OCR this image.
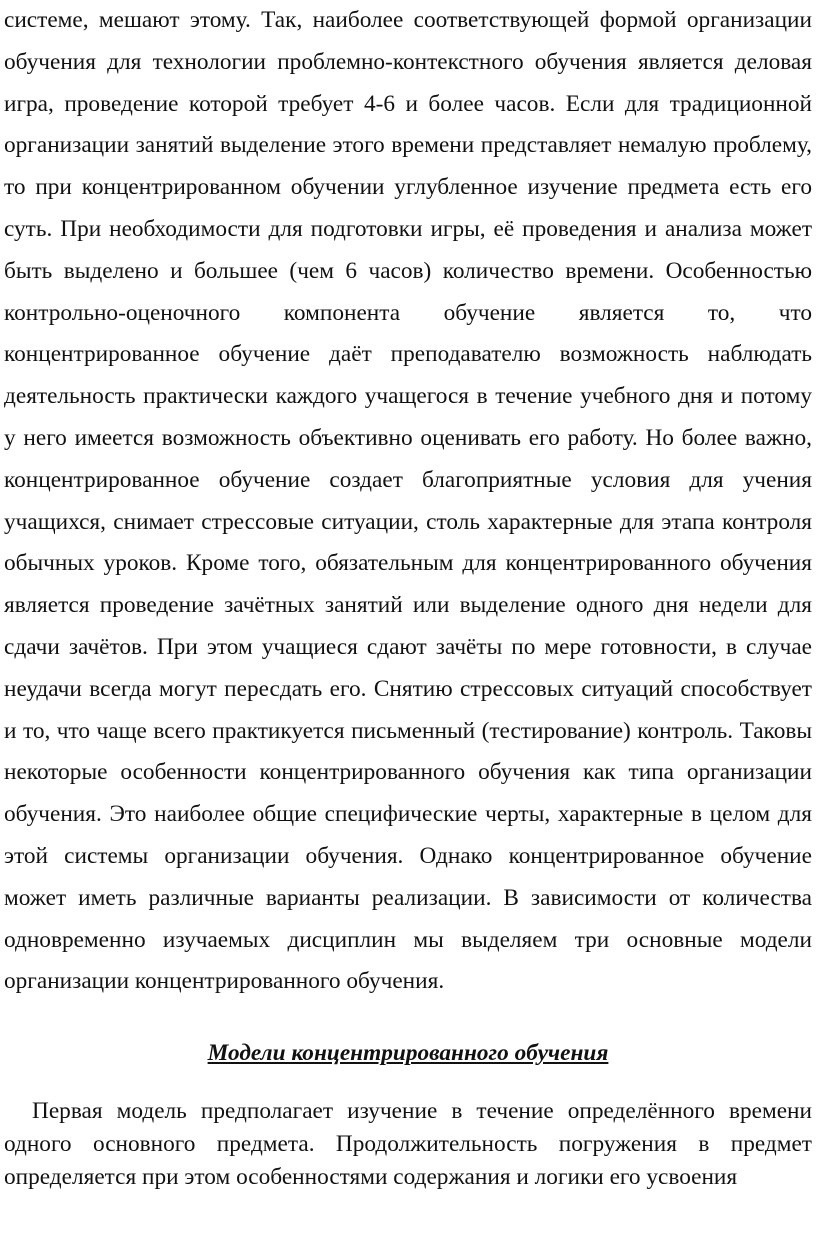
системе, мешают этому. Так, наиболее соответствующей формой организации обучения для технологии проблемно-контекстного обучения является деловая игра, проведение которой требует 4-6 и более часов. Если для традиционной организации занятий выделение этого времени представляет немалую проблему, то при концентрированном обучении углубленное изучение предмета есть его суть. При необходимости для подготовки игры, её проведения и анализа может быть выделено и большее (чем 6 часов) количество времени. Особенностью контрольно-оценочного компонента обучение является то, что концентрированное обучение даёт преподавателю возможность наблюдать деятельность практически каждого учащегося в течение учебного дня и потому у него имеется возможность объективно оценивать его работу. Но более важно, концентрированное обучение создает благоприятные условия для учения учащихся, снимает стрессовые ситуации, столь характерные для этапа контроля обычных уроков. Кроме того, обязательным для концентрированного обучения является проведение зачётных занятий или выделение одного дня недели для сдачи зачётов. При этом учащиеся сдают зачёты по мере готовности, в случае неудачи всегда могут пересдать его. Снятию стрессовых ситуаций способствует и то, что чаще всего практикуется письменный (тестирование) контроль. Таковы некоторые особенности концентрированного обучения как типа организации обучения. Это наиболее общие специфические черты, характерные в целом для этой системы организации обучения. Однако концентрированное обучение может иметь различные варианты реализации. В зависимости от количества одновременно изучаемых дисциплин мы выделяем три основные модели организации концентрированного обучения.

Модели концентрированного обучения

Первая модель предполагает изучение в течение определённого времени одного основного предмета. Продолжительность погружения в предмет определяется при этом особенностями содержания и логики его усвоения
